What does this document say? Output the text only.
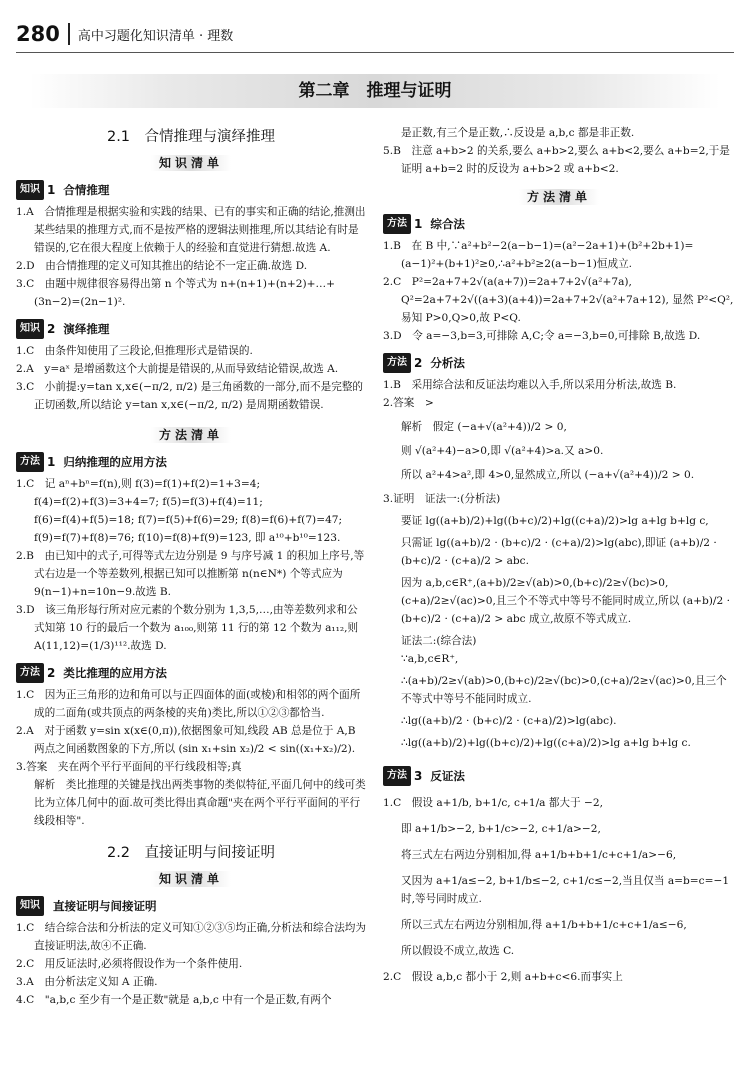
280 高中习题化知识清单 · 理数
第二章　推理与证明
2.1　合情推理与演绎推理
知识清单
知识 1 合情推理

1.A　合情推理是根据实验和实践的结果、已有的事实和正确的结论,推测出某些结果的推理方式,而不是按严格的逻辑法则推理,所以其结论有时是错误的,它在很大程度上依赖于人的经验和直觉进行猜想.故选 A.

2.D　由合情推理的定义可知其推出的结论不一定正确.故选 D.

3.C　由题中规律很容易得出第 n 个等式为 n+(n+1)+(n+2)+…+(3n−2)=(2n−1)².

知识 2 演绎推理

1.C　由条件知使用了三段论,但推理形式是错误的.

2.A　y=aˣ 是增函数这个大前提是错误的,从而导致结论错误,故选 A.

3.C　小前提:y=tan x,x∈(−π/2, π/2) 是三角函数的一部分,而不是完整的正切函数,所以结论 y=tan x,x∈(−π/2, π/2) 是周期函数错误.

方法清单
方法 1 归纳推理的应用方法

1.C　记 aⁿ+bⁿ=f(n),则 f(3)=f(1)+f(2)=1+3=4; f(4)=f(2)+f(3)=3+4=7; f(5)=f(3)+f(4)=11; f(6)=f(4)+f(5)=18; f(7)=f(5)+f(6)=29; f(8)=f(6)+f(7)=47; f(9)=f(7)+f(8)=76; f(10)=f(8)+f(9)=123, 即 a¹⁰+b¹⁰=123.

2.B　由已知中的式子,可得等式左边分别是 9 与序号减 1 的积加上序号,等式右边是一个等差数列,根据已知可以推断第 n(n∈N*) 个等式应为 9(n−1)+n=10n−9.故选 B.

3.D　该三角形每行所对应元素的个数分别为 1,3,5,…,由等差数列求和公式知第 10 行的最后一个数为 a₁₀₀,则第 11 行的第 12 个数为 a₁₁₂,则 A(11,12)=(1/3)¹¹².故选 D.

方法 2 类比推理的应用方法

1.C　因为正三角形的边和角可以与正四面体的面(或棱)和相邻的两个面所成的二面角(或共顶点的两条棱的夹角)类比,所以①②③都恰当.

2.A　对于函数 y=sin x(x∈(0,π)),依据图象可知,线段 AB 总是位于 A,B 两点之间函数图象的下方,所以 (sin x₁+sin x₂)/2 < sin((x₁+x₂)/2).

3.答案　夹在两个平行平面间的平行线段相等;真

解析　类比推理的关键是找出两类事物的类似特征,平面几何中的线可类比为立体几何中的面.故可类比得出真命题"夹在两个平行平面间的平行线段相等".

2.2　直接证明与间接证明
知识清单
知识	直接证明与间接证明

1.C　结合综合法和分析法的定义可知①②③⑤均正确,分析法和综合法均为直接证明法,故④不正确.

2.C　用反证法时,必须将假设作为一个条件使用.

3.A　由分析法定义知 A 正确.

4.C　"a,b,c 至少有一个是正数"就是 a,b,c 中有一个是正数,有两个

是正数,有三个是正数,∴反设是 a,b,c 都是非正数.

5.B　注意 a+b>2 的关系,要么 a+b>2,要么 a+b<2,要么 a+b=2,于是证明 a+b=2 时的反设为 a+b>2 或 a+b<2.

方法清单
方法 1 综合法

1.B　在 B 中,∵a²+b²−2(a−b−1)=(a²−2a+1)+(b²+2b+1)=(a−1)²+(b+1)²≥0,∴a²+b²≥2(a−b−1)恒成立.

2.C　P²=2a+7+2√(a(a+7))=2a+7+2√(a²+7a), Q²=2a+7+2√((a+3)(a+4))=2a+7+2√(a²+7a+12), 显然 P²<Q²,易知 P>0,Q>0,故 P<Q.

3.D　令 a=−3,b=3,可排除 A,C;令 a=−3,b=0,可排除 B,故选 D.

方法 2 分析法

1.B　采用综合法和反证法均难以入手,所以采用分析法,故选 B.

2.答案　>

解析　假定 (−a+√(a²+4))/2 > 0,

则 √(a²+4)−a>0,即 √(a²+4)>a.又 a>0.

所以 a²+4>a²,即 4>0,显然成立,所以 (−a+√(a²+4))/2 > 0.

3.证明　证法一:(分析法)

要证 lg((a+b)/2)+lg((b+c)/2)+lg((c+a)/2)>lg a+lg b+lg c,

只需证 lg((a+b)/2 · (b+c)/2 · (c+a)/2)>lg(abc),即证 (a+b)/2 · (b+c)/2 · (c+a)/2 > abc.

因为 a,b,c∈R⁺,(a+b)/2≥√(ab)>0,(b+c)/2≥√(bc)>0,(c+a)/2≥√(ac)>0,且三个不等式中等号不能同时成立,所以 (a+b)/2 · (b+c)/2 · (c+a)/2 > abc 成立,故原不等式成立.

证法二:(综合法)

∵a,b,c∈R⁺,

∴(a+b)/2≥√(ab)>0,(b+c)/2≥√(bc)>0,(c+a)/2≥√(ac)>0,且三个不等式中等号不能同时成立.

∴lg((a+b)/2 · (b+c)/2 · (c+a)/2)>lg(abc).

∴lg((a+b)/2)+lg((b+c)/2)+lg((c+a)/2)>lg a+lg b+lg c.

方法 3 反证法

1.C　假设 a+1/b, b+1/c, c+1/a 都大于 −2,

即 a+1/b>−2, b+1/c>−2, c+1/a>−2,

将三式左右两边分别相加,得 a+1/b+b+1/c+c+1/a>−6,

又因为 a+1/a≤−2, b+1/b≤−2, c+1/c≤−2,当且仅当 a=b=c=−1 时,等号同时成立.

所以三式左右两边分别相加,得 a+1/b+b+1/c+c+1/a≤−6,

所以假设不成立,故选 C.

2.C　假设 a,b,c 都小于 2,则 a+b+c<6.而事实上
